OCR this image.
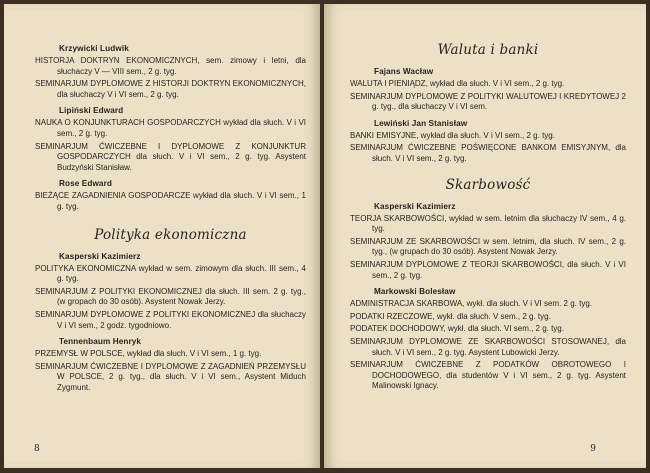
Krzywicki Ludwik
HISTORJA DOKTRYN EKONOMICZNYCH, sem. zimowy i letni, dla słuchaczy V — VIII sem., 2 g. tyg.
SEMINARJUM DYPLOMOWE Z HISTORJI DOKTRYN EKONOMICZNYCH, dla słuchaczy V i VI sem., 2 g. tyg.
Lipiński Edward
NAUKA O KONJUNKTURACH GOSPODARCZYCH wykład dla słuch. V i VI sem., 2 g. tyg.
SEMINARJUM ĆWICZEBNE I DYPLOMOWE Z KONJUNKTUR GOSPODARCZYCH dla słuch. V i VI sem., 2 g. tyg. Asystent Budzyński Stanisław.
Rose Edward
BIEŻĄCE ZAGADNIENIA GOSPODARCZE wykład dla słuch. V i VI sem., 1 g. tyg.
Polityka ekonomiczna
Kasperski Kazimierz
POLITYKA EKONOMICZNA wykład w sem. zimowym dla słuch. III sem., 4 g. tyg.
SEMINARJUM Z POLITYKI EKONOMICZNEJ dla słuch. III sem. 2 g. tyg., (w gropach do 30 osób). Asystent Nowak Jerzy.
SEMINARJUM DYPLOMOWE Z POLITYKI EKONOMICZNEJ dla słuchaczy V i VI sem., 2 godz. tygodniowo.
Tennenbaum Henryk
PRZEMYSŁ W POLSCE, wykład dla słuch. V i VI sem., 1 g. tyg.
SEMINARJUM ĆWICZEBNE I DYPLOMOWE Z ZAGADNIEŃ PRZEMYSŁU W POLSCE, 2 g. tyg., dla słuch. V i VI sem., Asystent Miduch Zygmunt.
8
Waluta i banki
Fajans Wacław
WALUTA I PIENIĄDZ, wykład dla słuch. V i VI sem., 2 g. tyg.
SEMINARJUM DYPLOMOWE Z POLITYKI WALUTOWEJ I KREDYTOWEJ 2 g. tyg., dla słuchaczy V i VI sem.
Lewiński Jan Stanisław
BANKI EMISYJNE, wykład dla słuch. V i VI sem., 2 g. tyg.
SEMINARJUM ĆWICZEBNE POŚWIĘCONE BANKOM EMISYJNYM, dla słuch. V i VI sem., 2 g. tyg.
Skarbowość
Kasperski Kazimierz
TEORJA SKARBOWOŚCI, wykład w sem. letnim dla słuchaczy IV sem., 4 g. tyg.
SEMINARJUM ZE SKARBOWOŚCI w sem. letnim, dla słuch. IV sem., 2 g. tyg., (w grupach do 30 osób). Asystent Nowak Jerzy.
SEMINARJUM DYPLOMOWE Z TEORJI SKARBOWOŚCI, dla słuch. V i VI sem., 2 g. tyg.
Markowski Bolesław
ADMINISTRACJA SKARBOWA, wykł. dla słuch. V i VI sem. 2 g. tyg.
PODATKI RZECZOWE, wykł. dla słuch. V sem., 2 g. tyg.
PODATEK DOCHODOWY, wykł. dla słuch. VI sem., 2 g. tyg.
SEMINARJUM DYPLOMOWE ZE SKARBOWOŚCI STOSOWANEJ, dla słuch. V i VI sem., 2 g. tyg. Asystent Lubowicki Jerzy.
SEMINARJUM ĆWICZEBNE Z PODATKÓW OBROTOWEGO I DOCHODOWEGO, dla studentów V i VI sem., 2 g. tyg. Asystent Malinowski Ignacy.
9
